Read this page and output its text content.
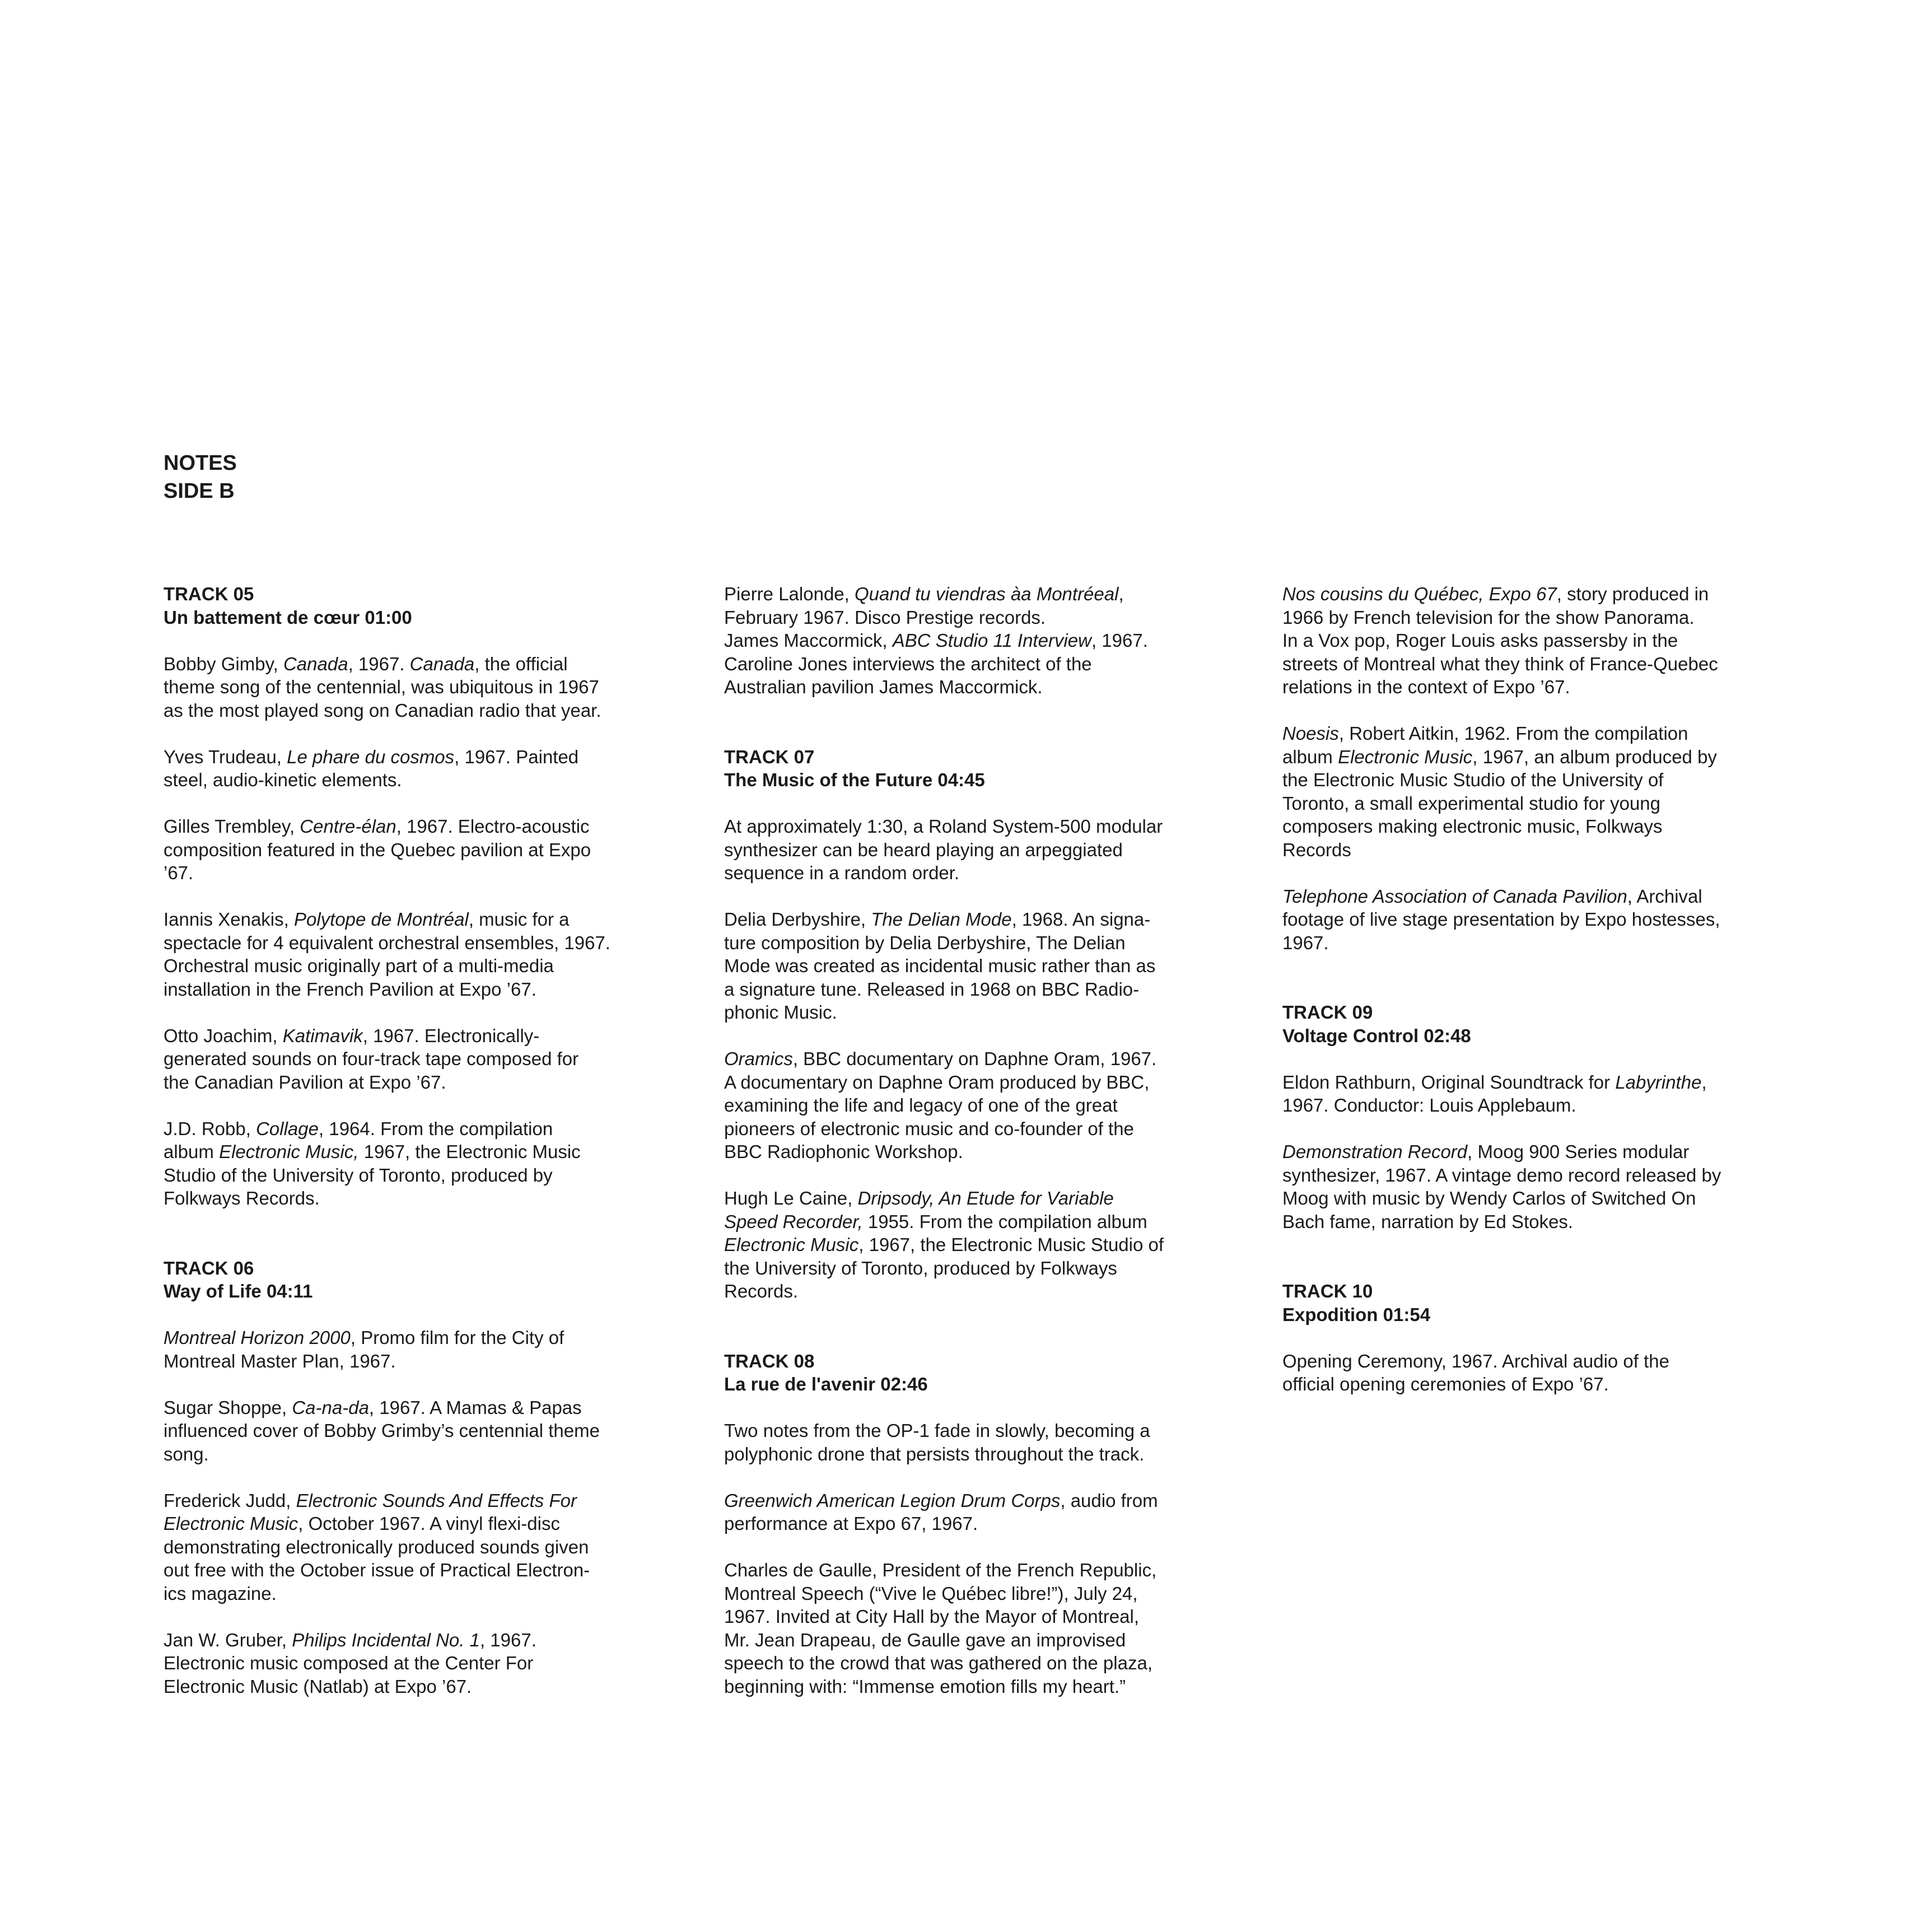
NOTES
SIDE B
TRACK 05
Un battement de cœur 01:00
Bobby Gimby, Canada, 1967. Canada, the official
theme song of the centennial, was ubiquitous in 1967
as the most played song on Canadian radio that year.
Yves Trudeau, Le phare du cosmos, 1967. Painted
steel, audio-kinetic elements.
Gilles Trembley, Centre-élan, 1967. Electro-acoustic
composition featured in the Quebec pavilion at Expo
’67.
Iannis Xenakis, Polytope de Montréal, music for a
spectacle for 4 equivalent orchestral ensembles, 1967.
Orchestral music originally part of a multi-media
installation in the French Pavilion at Expo ’67.
Otto Joachim, Katimavik, 1967. Electronically-
generated sounds on four-track tape composed for
the Canadian Pavilion at Expo ’67.
J.D. Robb, Collage, 1964. From the compilation
album Electronic Music, 1967, the Electronic Music
Studio of the University of Toronto, produced by
Folkways Records.
TRACK 06
Way of Life 04:11
Montreal Horizon 2000, Promo film for the City of
Montreal Master Plan, 1967.
Sugar Shoppe, Ca-na-da, 1967. A Mamas & Papas
influenced cover of Bobby Grimby’s centennial theme
song.
Frederick Judd, Electronic Sounds And Effects For
Electronic Music, October 1967. A vinyl flexi-disc
demonstrating electronically produced sounds given
out free with the October issue of Practical Electron-
ics magazine.
Jan W. Gruber, Philips Incidental No. 1, 1967.
Electronic music composed at the Center For
Electronic Music (Natlab) at Expo ’67.
Pierre Lalonde, Quand tu viendras àa Montréeal,
February 1967. Disco Prestige records.
James Maccormick, ABC Studio 11 Interview, 1967.
Caroline Jones interviews the architect of the
Australian pavilion James Maccormick.
TRACK 07
The Music of the Future 04:45
At approximately 1:30, a Roland System-500 modular
synthesizer can be heard playing an arpeggiated
sequence in a random order.
Delia Derbyshire, The Delian Mode, 1968. An signa-
ture composition by Delia Derbyshire, The Delian
Mode was created as incidental music rather than as
a signature tune. Released in 1968 on BBC Radio-
phonic Music.
Oramics, BBC documentary on Daphne Oram, 1967.
A documentary on Daphne Oram produced by BBC,
examining the life and legacy of one of the great
pioneers of electronic music and co-founder of the
BBC Radiophonic Workshop.
Hugh Le Caine, Dripsody, An Etude for Variable
Speed Recorder, 1955. From the compilation album
Electronic Music, 1967, the Electronic Music Studio of
the University of Toronto, produced by Folkways
Records.
TRACK 08
La rue de l'avenir 02:46
Two notes from the OP-1 fade in slowly, becoming a
polyphonic drone that persists throughout the track.
Greenwich American Legion Drum Corps, audio from
performance at Expo 67, 1967.
Charles de Gaulle, President of the French Republic,
Montreal Speech (“Vive le Québec libre!”), July 24,
1967. Invited at City Hall by the Mayor of Montreal,
Mr. Jean Drapeau, de Gaulle gave an improvised
speech to the crowd that was gathered on the plaza,
beginning with: “Immense emotion fills my heart.”
Nos cousins du Québec, Expo 67, story produced in
1966 by French television for the show Panorama.
In a Vox pop, Roger Louis asks passersby in the
streets of Montreal what they think of France-Quebec
relations in the context of Expo ’67.
Noesis, Robert Aitkin, 1962. From the compilation
album Electronic Music, 1967, an album produced by
the Electronic Music Studio of the University of
Toronto, a small experimental studio for young
composers making electronic music, Folkways
Records
Telephone Association of Canada Pavilion, Archival
footage of live stage presentation by Expo hostesses,
1967.
TRACK 09
Voltage Control 02:48
Eldon Rathburn, Original Soundtrack for Labyrinthe,
1967. Conductor: Louis Applebaum.
Demonstration Record, Moog 900 Series modular
synthesizer, 1967. A vintage demo record released by
Moog with music by Wendy Carlos of Switched On
Bach fame, narration by Ed Stokes.
TRACK 10
Expodition 01:54
Opening Ceremony, 1967. Archival audio of the
official opening ceremonies of Expo ’67.
